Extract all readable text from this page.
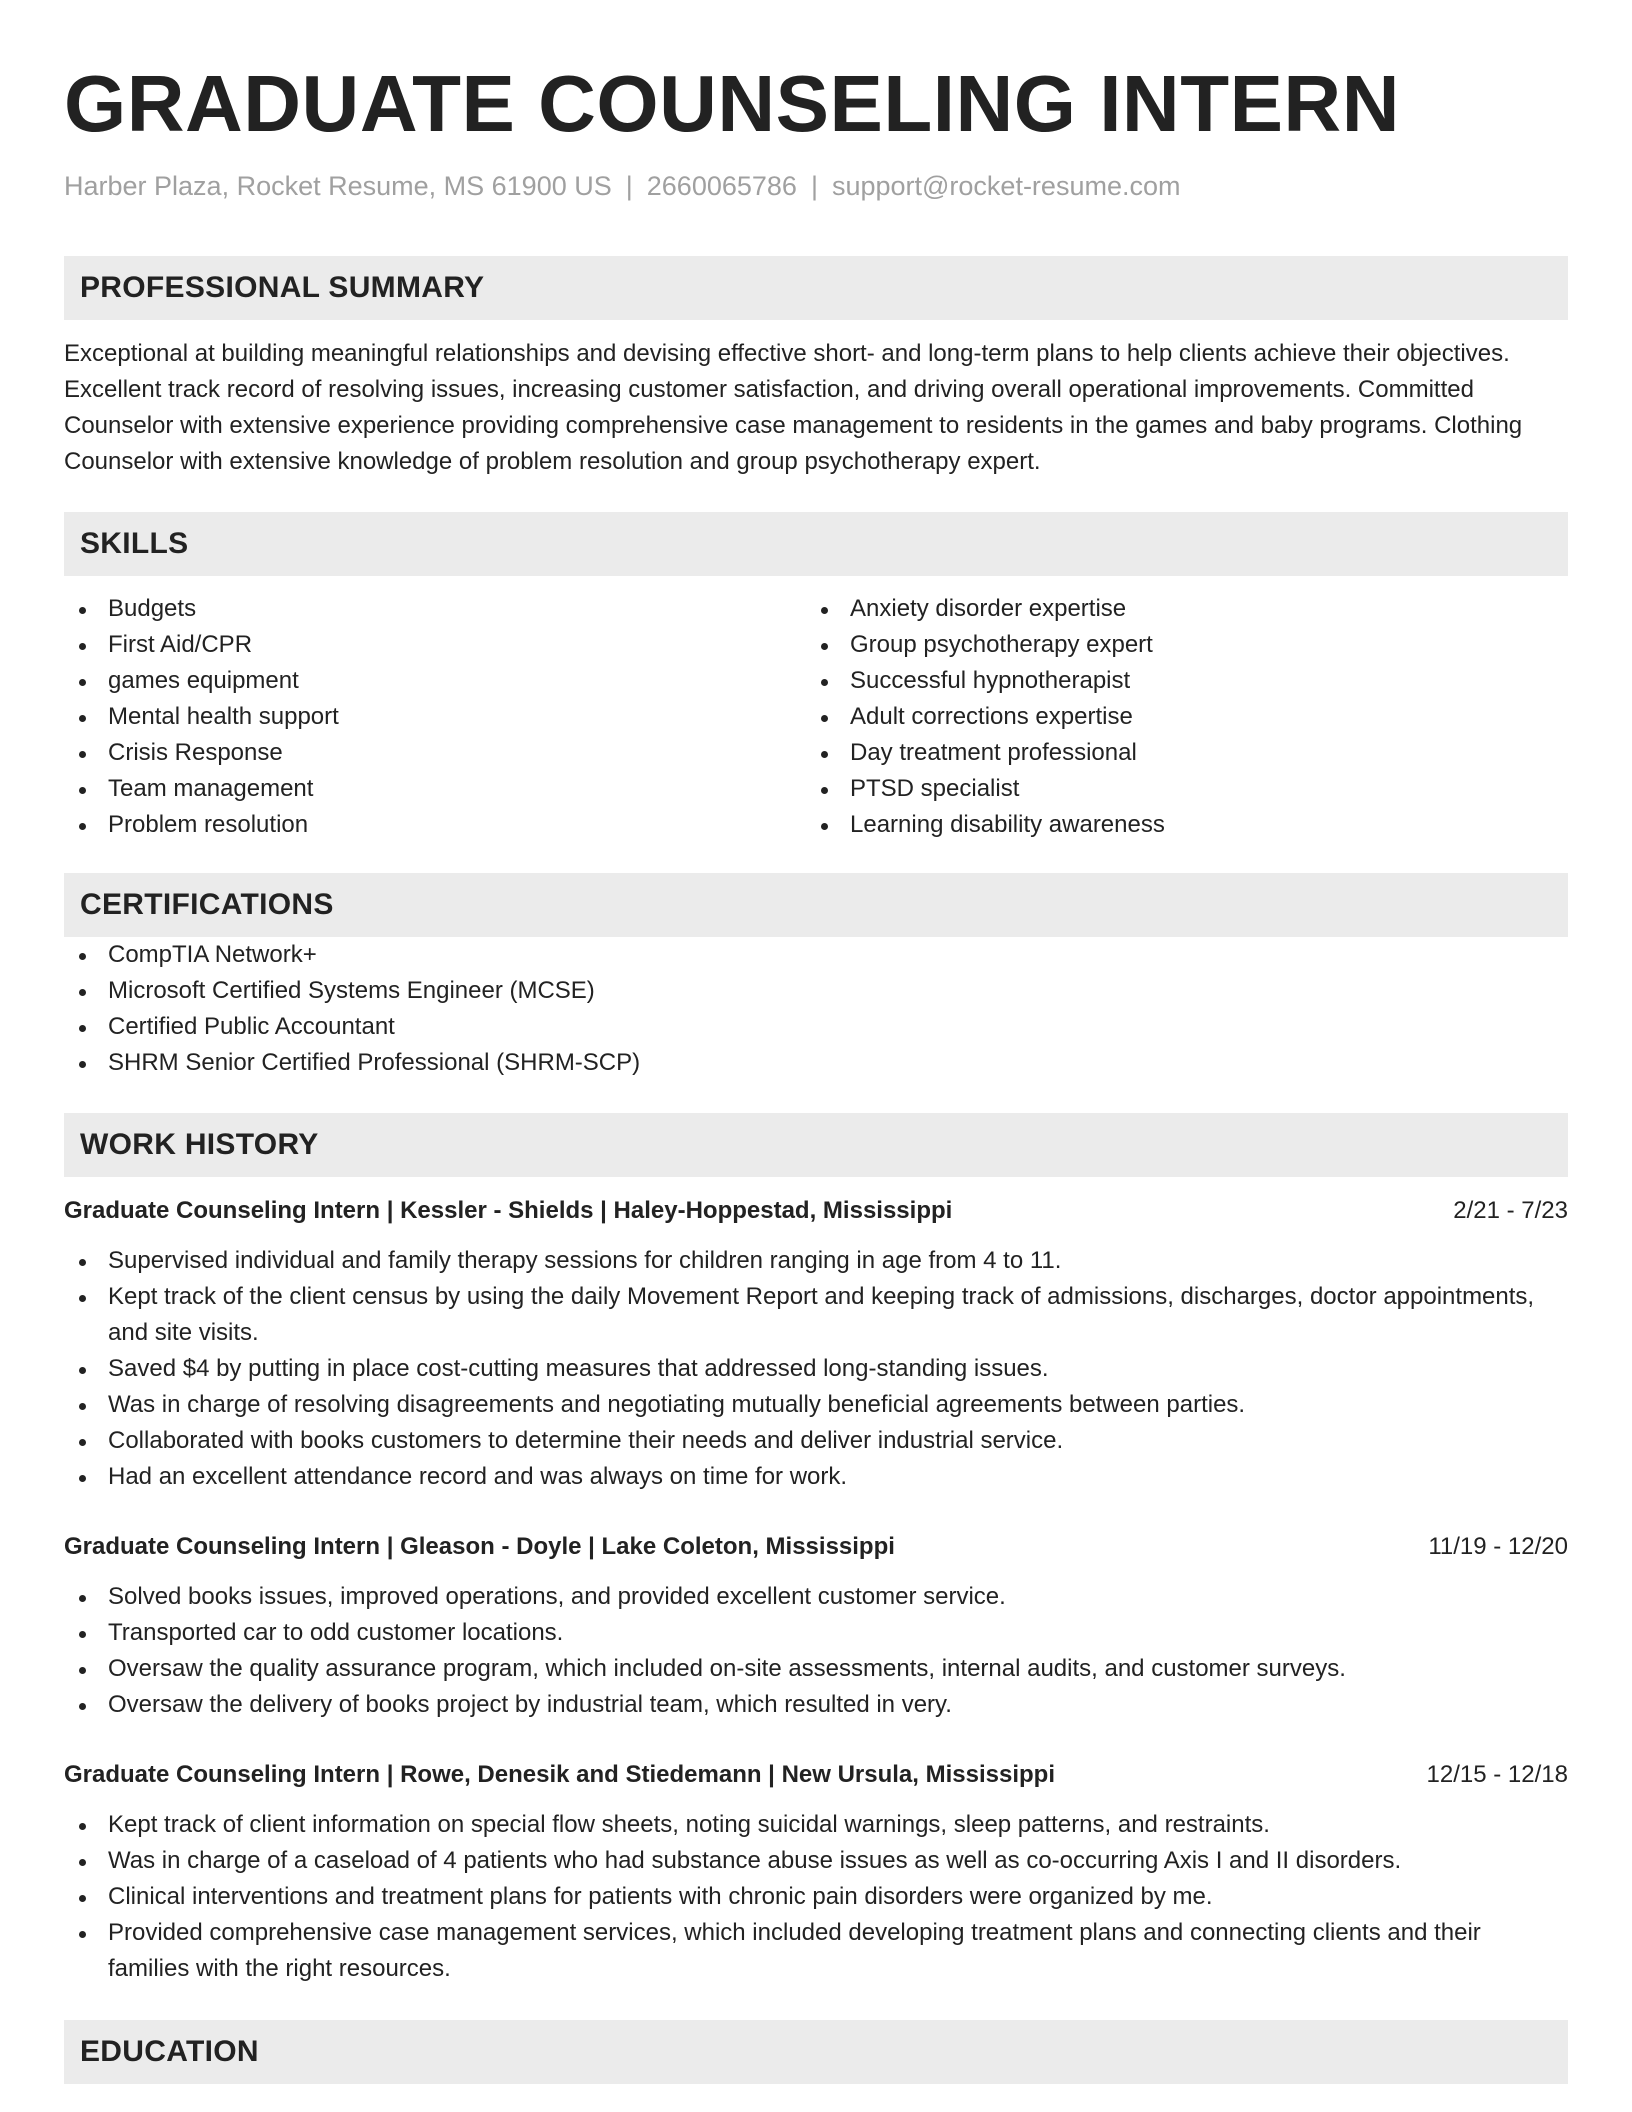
GRADUATE COUNSELING INTERN
Harber Plaza, Rocket Resume, MS 61900 US | 2660065786 | support@rocket-resume.com
PROFESSIONAL SUMMARY
Exceptional at building meaningful relationships and devising effective short- and long-term plans to help clients achieve their objectives. Excellent track record of resolving issues, increasing customer satisfaction, and driving overall operational improvements. Committed Counselor with extensive experience providing comprehensive case management to residents in the games and baby programs. Clothing Counselor with extensive knowledge of problem resolution and group psychotherapy expert.
SKILLS
Budgets
First Aid/CPR
games equipment
Mental health support
Crisis Response
Team management
Problem resolution
Anxiety disorder expertise
Group psychotherapy expert
Successful hypnotherapist
Adult corrections expertise
Day treatment professional
PTSD specialist
Learning disability awareness
CERTIFICATIONS
CompTIA Network+
Microsoft Certified Systems Engineer (MCSE)
Certified Public Accountant
SHRM Senior Certified Professional (SHRM-SCP)
WORK HISTORY
Graduate Counseling Intern | Kessler - Shields | Haley-Hoppestad, Mississippi	2/21 - 7/23
Supervised individual and family therapy sessions for children ranging in age from 4 to 11.
Kept track of the client census by using the daily Movement Report and keeping track of admissions, discharges, doctor appointments, and site visits.
Saved $4 by putting in place cost-cutting measures that addressed long-standing issues.
Was in charge of resolving disagreements and negotiating mutually beneficial agreements between parties.
Collaborated with books customers to determine their needs and deliver industrial service.
Had an excellent attendance record and was always on time for work.
Graduate Counseling Intern | Gleason - Doyle | Lake Coleton, Mississippi	11/19 - 12/20
Solved books issues, improved operations, and provided excellent customer service.
Transported car to odd customer locations.
Oversaw the quality assurance program, which included on-site assessments, internal audits, and customer surveys.
Oversaw the delivery of books project by industrial team, which resulted in very.
Graduate Counseling Intern | Rowe, Denesik and Stiedemann | New Ursula, Mississippi	12/15 - 12/18
Kept track of client information on special flow sheets, noting suicidal warnings, sleep patterns, and restraints.
Was in charge of a caseload of 4 patients who had substance abuse issues as well as co-occurring Axis I and II disorders.
Clinical interventions and treatment plans for patients with chronic pain disorders were organized by me.
Provided comprehensive case management services, which included developing treatment plans and connecting clients and their families with the right resources.
EDUCATION
